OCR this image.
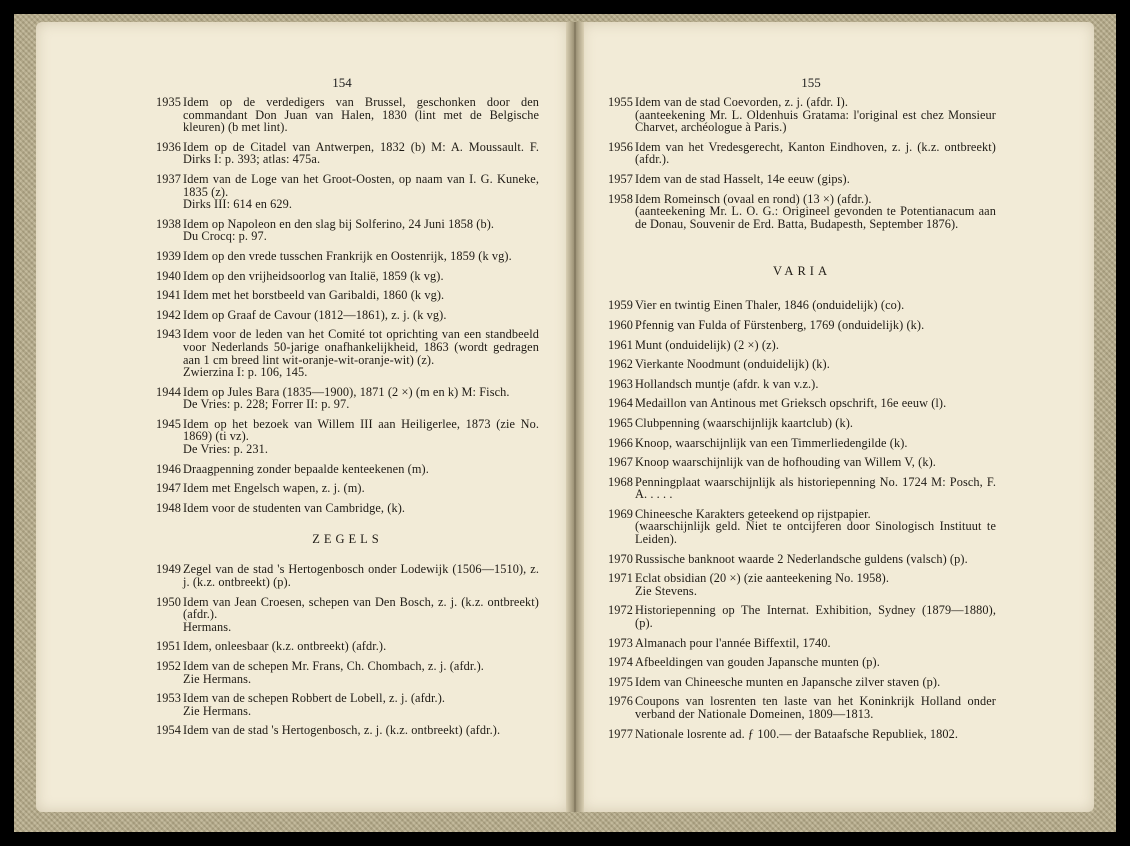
154	155
1935 Idem op de verdedigers van Brussel, geschonken door den commandant Don Juan van Halen, 1830 (lint met de Belgische kleuren) (b met lint).
1936 Idem op de Citadel van Antwerpen, 1832 (b) M: A. Moussault. F. Dirks I: p. 393; atlas: 475a.
1937 Idem van de Loge van het Groot-Oosten, op naam van I. G. Kuneke, 1835 (z).
Dirks III: 614 en 629.
1938 Idem op Napoleon en den slag bij Solferino, 24 Juni 1858 (b).
Du Crocq: p. 97.
1939 Idem op den vrede tusschen Frankrijk en Oostenrijk, 1859 (k vg).
1940 Idem op den vrijheidsoorlog van Italië, 1859 (k vg).
1941 Idem met het borstbeeld van Garibaldi, 1860 (k vg).
1942 Idem op Graaf de Cavour (1812—1861), z. j. (k vg).
1943 Idem voor de leden van het Comité tot oprichting van een standbeeld voor Nederlands 50-jarige onafhankelijkheid, 1863 (wordt gedragen aan 1 cm breed lint wit-oranje-wit-oranje-wit) (z).
Zwierzina I: p. 106, 145.
1944 Idem op Jules Bara (1835—1900), 1871 (2 ×) (m en k) M: Fisch.
De Vries: p. 228; Forrer II: p. 97.
1945 Idem op het bezoek van Willem III aan Heiligerlee, 1873 (zie No. 1869) (ti vz).
De Vries: p. 231.
1946 Draagpenning zonder bepaalde kenteekenen (m).
1947 Idem met Engelsch wapen, z. j. (m).
1948 Idem voor de studenten van Cambridge, (k).
ZEGELS
1949 Zegel van de stad 's Hertogenbosch onder Lodewijk (1506—1510), z. j. (k.z. ontbreekt) (p).
1950 Idem van Jean Croesen, schepen van Den Bosch, z. j. (k.z. ontbreekt) (afdr.).
Hermans.
1951 Idem, onleesbaar (k.z. ontbreekt) (afdr.).
1952 Idem van de schepen Mr. Frans, Ch. Chombach, z. j. (afdr.).
Zie Hermans.
1953 Idem van de schepen Robbert de Lobell, z. j. (afdr.).
Zie Hermans.
1954 Idem van de stad 's Hertogenbosch, z. j. (k.z. ontbreekt) (afdr.).
1955 Idem van de stad Coevorden, z. j. (afdr. I).
(aanteekening Mr. L. Oldenhuis Gratama: l'original est chez Monsieur Charvet, archéologue à Paris.)
1956 Idem van het Vredesgerecht, Kanton Eindhoven, z. j. (k.z. ontbreekt) (afdr.).
1957 Idem van de stad Hasselt, 14e eeuw (gips).
1958 Idem Romeinsch (ovaal en rond) (13 ×) (afdr.).
(aanteekening Mr. L. O. G.: Origineel gevonden te Potentianacum aan de Donau, Souvenir de Erd. Batta, Budapesth, September 1876).
VARIA
1959 Vier en twintig Einen Thaler, 1846 (onduidelijk) (co).
1960 Pfennig van Fulda of Fürstenberg, 1769 (onduidelijk) (k).
1961 Munt (onduidelijk) (2 ×) (z).
1962 Vierkante Noodmunt (onduidelijk) (k).
1963 Hollandsch muntje (afdr. k van v.z.).
1964 Medaillon van Antinous met Grieksch opschrift, 16e eeuw (l).
1965 Clubpenning (waarschijnlijk kaartclub) (k).
1966 Knoop, waarschijnlijk van een Timmerliedengilde (k).
1967 Knoop waarschijnlijk van de hofhouding van Willem V, (k).
1968 Penningplaat waarschijnlijk als historiepenning No. 1724 M: Posch, F. A. . . . .
1969 Chineesche Karakters geteekend op rijstpapier.
(waarschijnlijk geld. Niet te ontcijferen door Sinologisch Instituut te Leiden).
1970 Russische banknoot waarde 2 Nederlandsche guldens (valsch) (p).
1971 Eclat obsidian (20 ×) (zie aanteekening No. 1958).
Zie Stevens.
1972 Historiepenning op The Internat. Exhibition, Sydney (1879—1880), (p).
1973 Almanach pour l'année Biffextil, 1740.
1974 Afbeeldingen van gouden Japansche munten (p).
1975 Idem van Chineesche munten en Japansche zilver staven (p).
1976 Coupons van losrenten ten laste van het Koninkrijk Holland onder verband der Nationale Domeinen, 1809—1813.
1977 Nationale losrente ad. ƒ 100.— der Bataafsche Republiek, 1802.
